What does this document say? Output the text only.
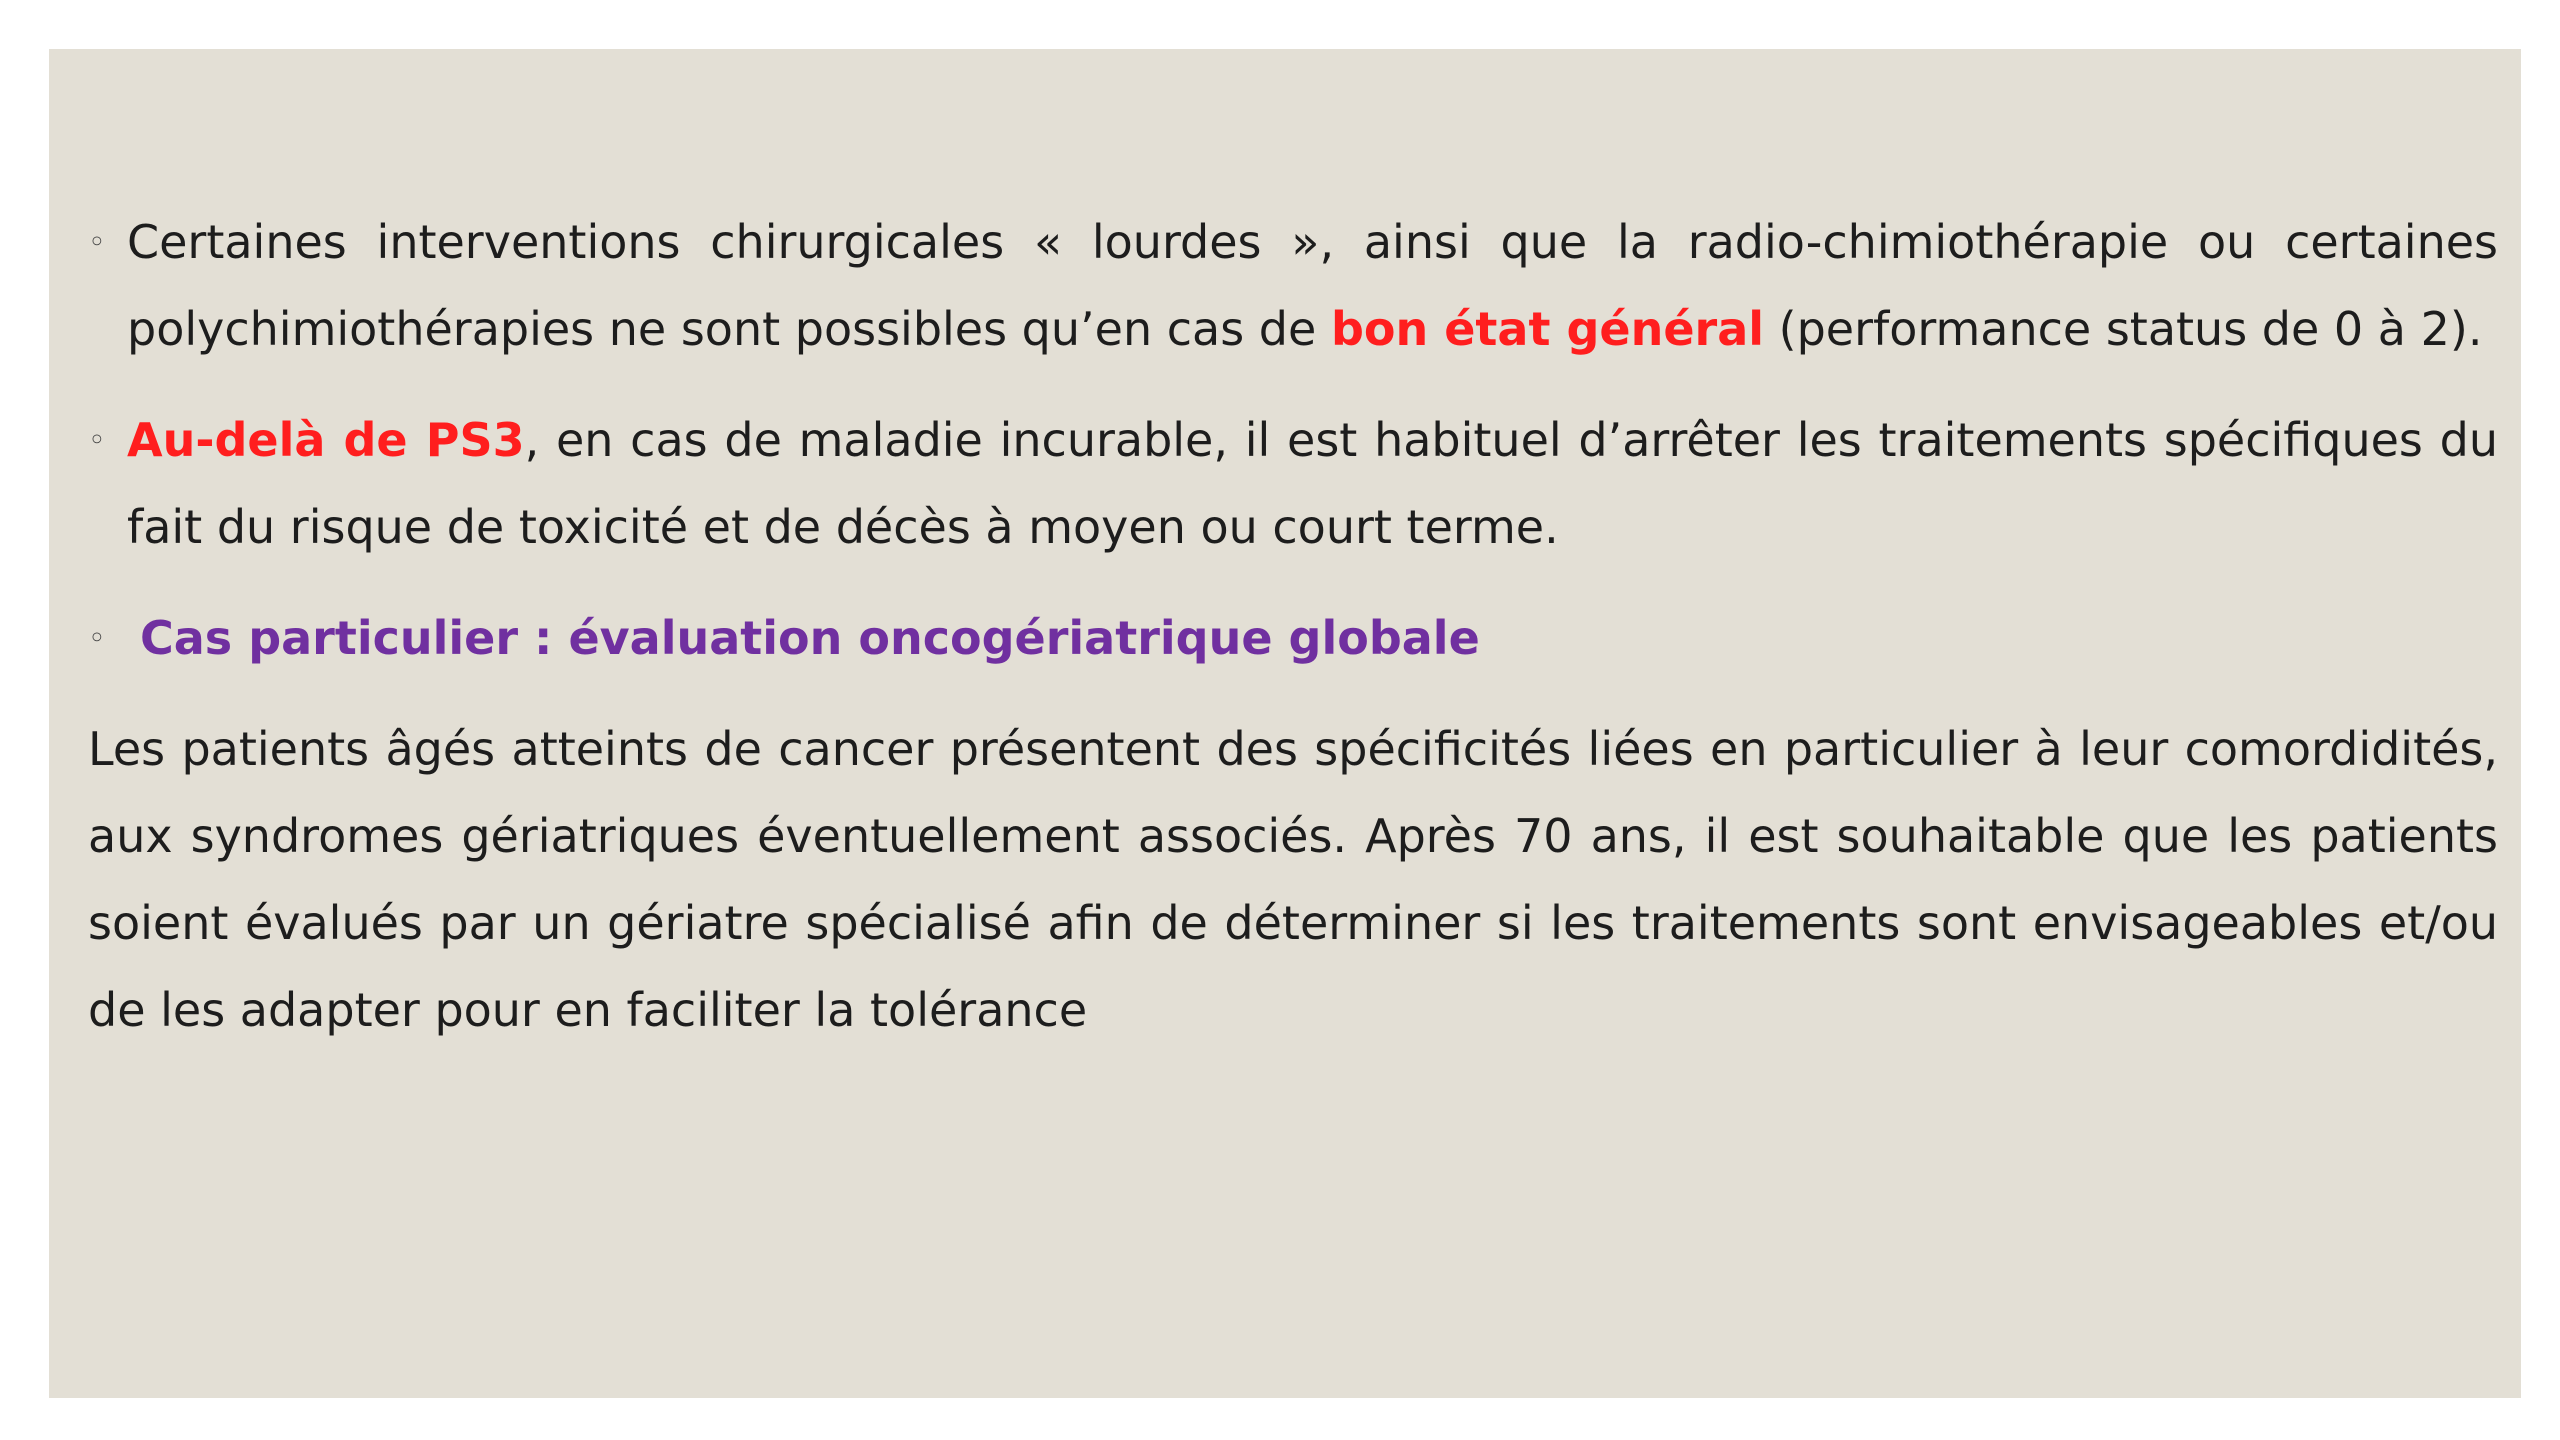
◦ Certaines interventions chirurgicales « lourdes », ainsi que la radio-chimiothérapie ou certaines polychimiothérapies ne sont possibles qu’en cas de bon état général (performance status de 0 à 2).
◦ Au-delà de PS3, en cas de maladie incurable, il est habituel d’arrêter les traitements spécifiques du fait du risque de toxicité et de décès à moyen ou court terme.
◦ Cas particulier : évaluation oncogériatrique globale

Les patients âgés atteints de cancer présentent des spécificités liées en particulier à leur comordidités, aux syndromes gériatriques éventuellement associés. Après 70 ans, il est souhaitable que les patients soient évalués par un gériatre spécialisé afin de déterminer si les traitements sont envisageables et/ou de les adapter pour en faciliter la tolérance
